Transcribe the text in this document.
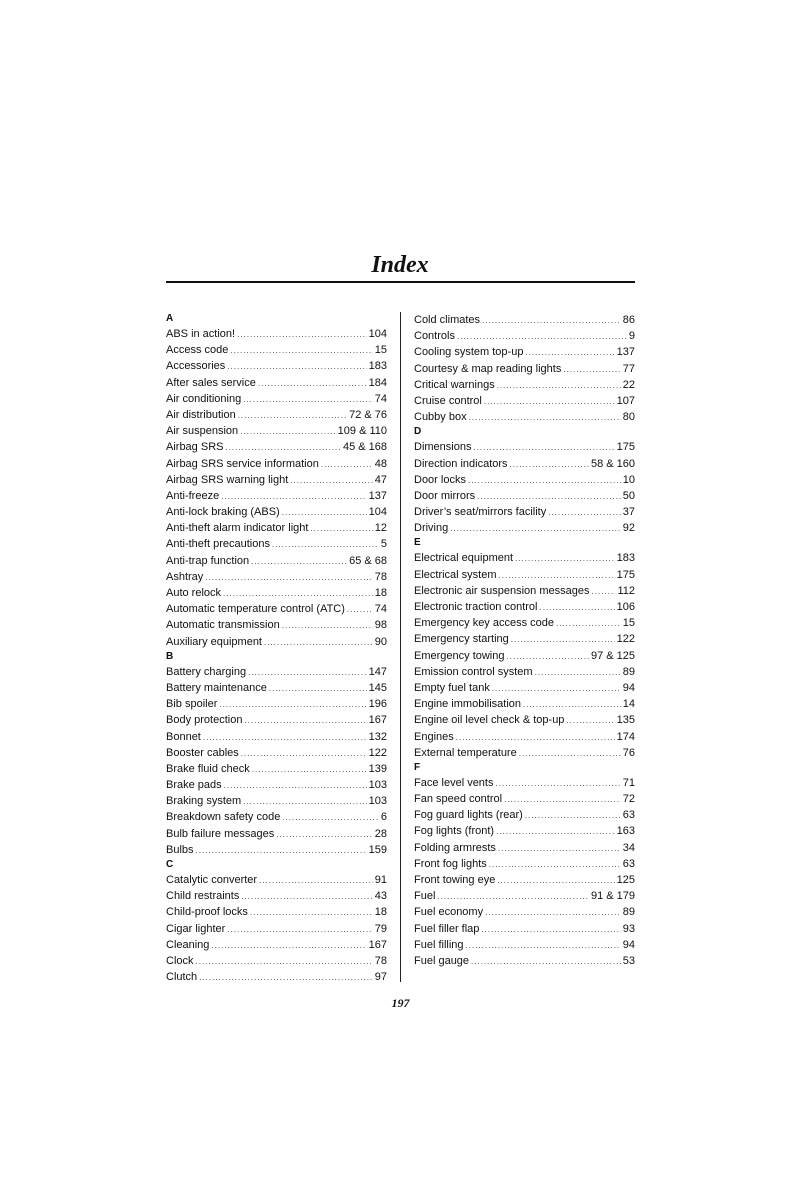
Index
A
ABS in action! .....	104
Access code .....	15
Accessories .....	183
After sales service .....	184
Air conditioning .....	74
Air distribution .....	72 & 76
Air suspension .....	109 & 110
Airbag SRS .....	45 & 168
Airbag SRS service information .....	48
Airbag SRS warning light .....	47
Anti-freeze .....	137
Anti-lock braking (ABS) .....	104
Anti-theft alarm indicator light .....	12
Anti-theft precautions .....	5
Anti-trap function .....	65 & 68
Ashtray .....	78
Auto relock .....	18
Automatic temperature control (ATC) .....	74
Automatic transmission .....	98
Auxiliary equipment .....	90
B
Battery charging .....	147
Battery maintenance .....	145
Bib spoiler .....	196
Body protection .....	167
Bonnet .....	132
Booster cables .....	122
Brake fluid check .....	139
Brake pads .....	103
Braking system .....	103
Breakdown safety code .....	6
Bulb failure messages .....	28
Bulbs .....	159
C
Catalytic converter .....	91
Child restraints .....	43
Child-proof locks .....	18
Cigar lighter .....	79
Cleaning .....	167
Clock .....	78
Clutch .....	97
Cold climates .....	86
Controls .....	9
Cooling system top-up .....	137
Courtesy & map reading lights .....	77
Critical warnings .....	22
Cruise control .....	107
Cubby box .....	80
D
Dimensions .....	175
Direction indicators .....	58 & 160
Door locks .....	10
Door mirrors .....	50
Driver’s seat/mirrors facility .....	37
Driving .....	92
E
Electrical equipment .....	183
Electrical system .....	175
Electronic air suspension messages .....	112
Electronic traction control .....	106
Emergency key access code .....	15
Emergency starting .....	122
Emergency towing .....	97 & 125
Emission control system .....	89
Empty fuel tank .....	94
Engine immobilisation .....	14
Engine oil level check & top-up .....	135
Engines .....	174
External temperature .....	76
F
Face level vents .....	71
Fan speed control .....	72
Fog guard lights (rear) .....	63
Fog lights (front) .....	163
Folding armrests .....	34
Front fog lights .....	63
Front towing eye .....	125
Fuel .....	91 & 179
Fuel economy .....	89
Fuel filler flap .....	93
Fuel filling .....	94
Fuel gauge .....	53
197
